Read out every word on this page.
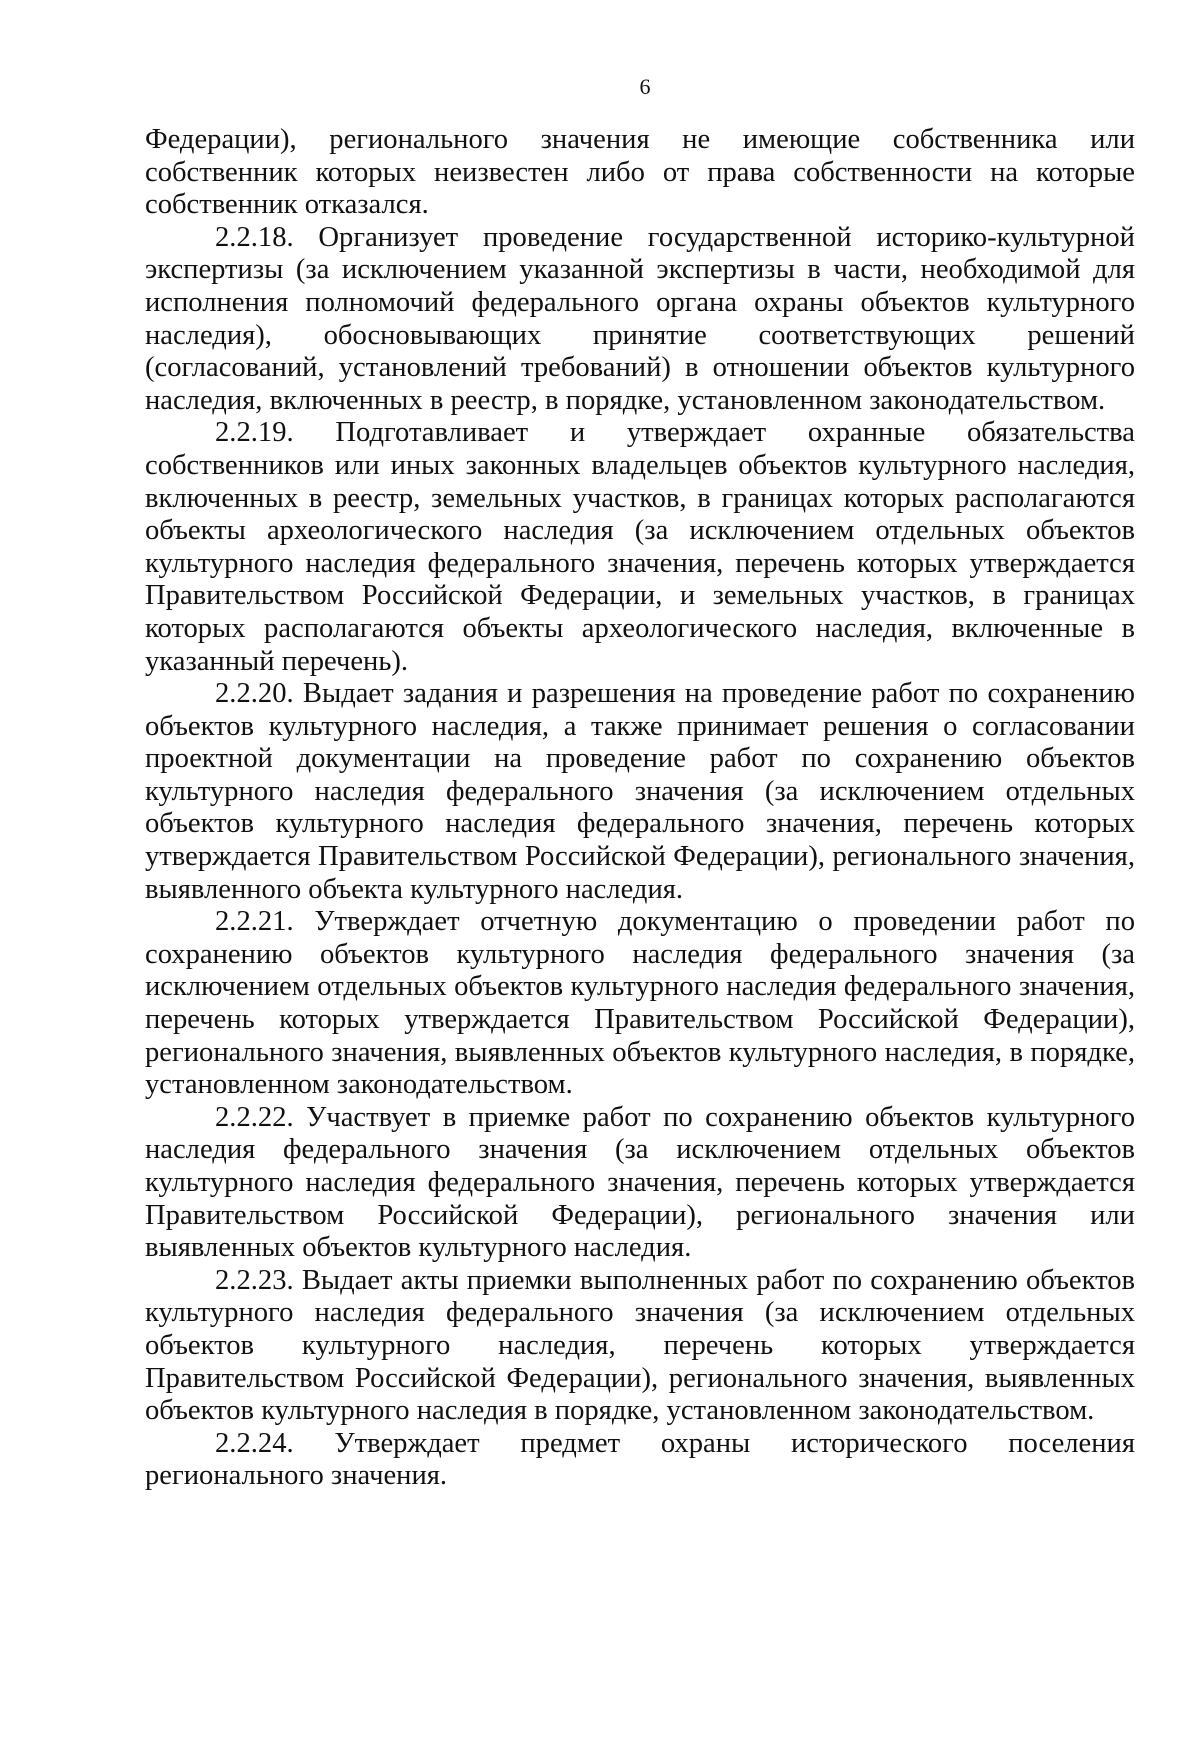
6

Федерации), регионального значения не имеющие собственника или собственник которых неизвестен либо от права собственности на которые собственник отказался.

2.2.18. Организует проведение государственной историко-культурной экспертизы (за исключением указанной экспертизы в части, необходимой для исполнения полномочий федерального органа охраны объектов культурного наследия), обосновывающих принятие соответствующих решений (согласований, установлений требований) в отношении объектов культурного наследия, включенных в реестр, в порядке, установленном законодательством.

2.2.19. Подготавливает и утверждает охранные обязательства собственников или иных законных владельцев объектов культурного наследия, включенных в реестр, земельных участков, в границах которых располагаются объекты археологического наследия (за исключением отдельных объектов культурного наследия федерального значения, перечень которых утверждается Правительством Российской Федерации, и земельных участков, в границах которых располагаются объекты археологического наследия, включенные в указанный перечень).

2.2.20. Выдает задания и разрешения на проведение работ по сохранению объектов культурного наследия, а также принимает решения о согласовании проектной документации на проведение работ по сохранению объектов культурного наследия федерального значения (за исключением отдельных объектов культурного наследия федерального значения, перечень которых утверждается Правительством Российской Федерации), регионального значения, выявленного объекта культурного наследия.

2.2.21. Утверждает отчетную документацию о проведении работ по сохранению объектов культурного наследия федерального значения (за исключением отдельных объектов культурного наследия федерального значения, перечень которых утверждается Правительством Российской Федерации), регионального значения, выявленных объектов культурного наследия, в порядке, установленном законодательством.

2.2.22. Участвует в приемке работ по сохранению объектов культурного наследия федерального значения (за исключением отдельных объектов культурного наследия федерального значения, перечень которых утверждается Правительством Российской Федерации), регионального значения или выявленных объектов культурного наследия.

2.2.23. Выдает акты приемки выполненных работ по сохранению объектов культурного наследия федерального значения (за исключением отдельных объектов культурного наследия, перечень которых утверждается Правительством Российской Федерации), регионального значения, выявленных объектов культурного наследия в порядке, установленном законодательством.

2.2.24. Утверждает предмет охраны исторического поселения регионального значения.
